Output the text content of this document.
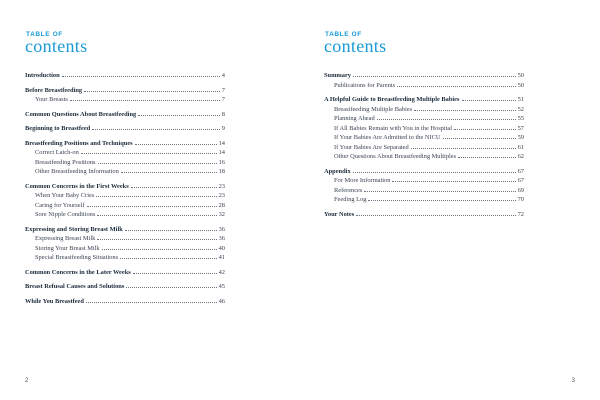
TABLE OF
contents
Introduction	4
Before Breastfeeding	7
Your Breasts	7
Common Questions About Breastfeeding	8
Beginning to Breastfeed	9
Breastfeeding Positions and Techniques	14
Correct Latch-on	14
Breastfeeding Positions	16
Other Breastfeeding Information	18
Common Concerns in the First Weeks	23
When Your Baby Cries	23
Caring for Yourself	28
Sore Nipple Conditions	32
Expressing and Storing Breast Milk	36
Expressing Breast Milk	36
Storing Your Breast Milk	40
Special Breastfeeding Situations	41
Common Concerns in the Later Weeks	42
Breast Refusal Causes and Solutions	45
While You Breastfeed	46
2
TABLE OF
contents
Summary	50
Publications for Parents	50
A Helpful Guide to Breastfeeding Multiple Babies	51
Breastfeeding Multiple Babies	52
Planning Ahead	55
If All Babies Remain with You in the Hospital	57
If Your Babies Are Admitted to the NICU	59
If Your Babies Are Separated	61
Other Questions About Breastfeeding Multiples	62
Appendix	67
For More Information	67
References	69
Feeding Log	70
Your Notes	72
3
